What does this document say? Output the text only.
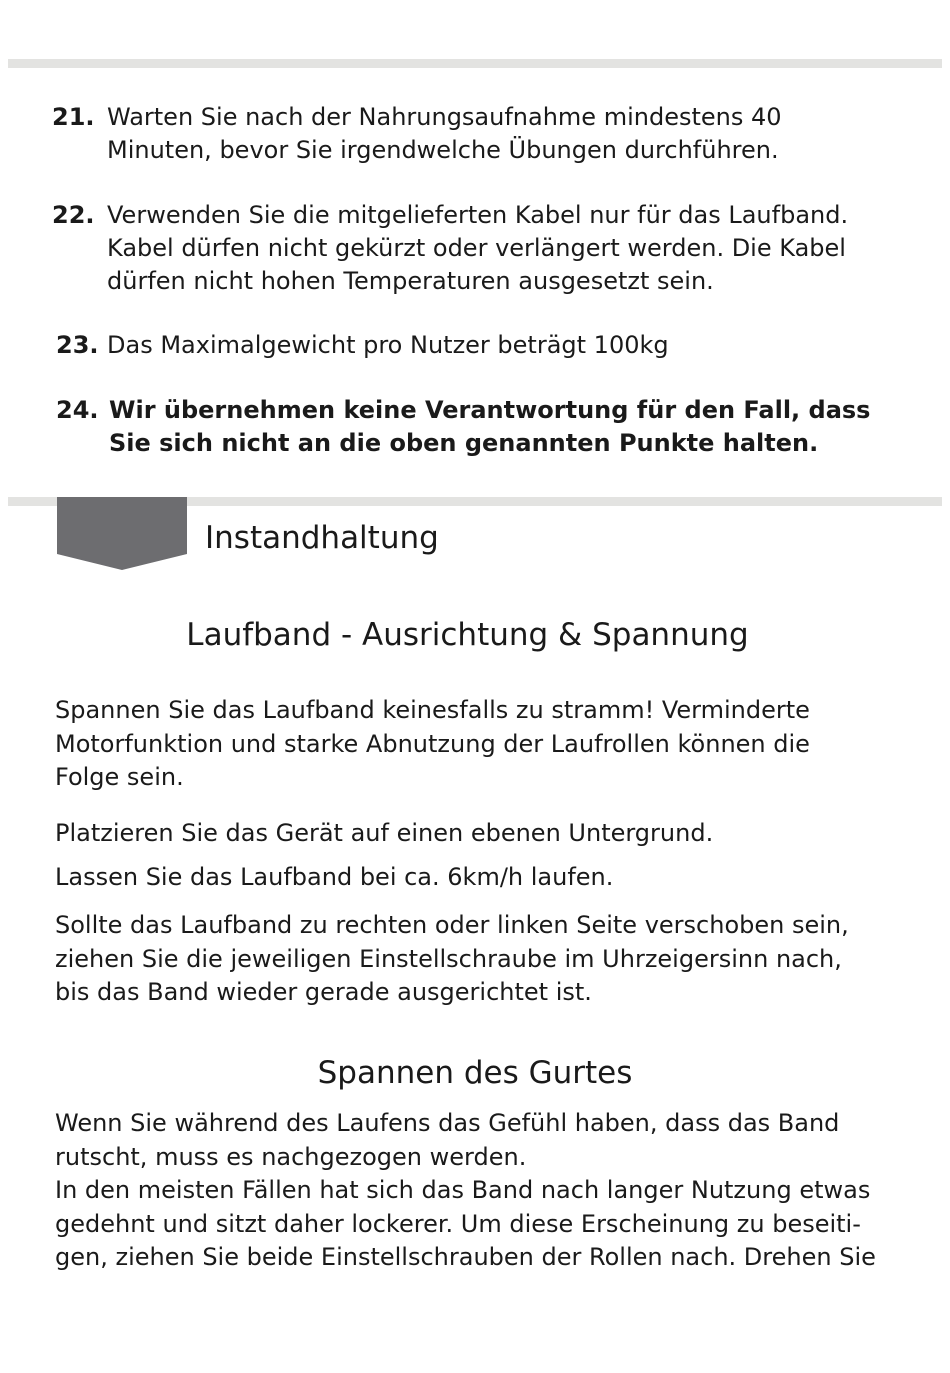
21. Warten Sie nach der Nahrungsaufnahme mindestens 40
Minuten, bevor Sie irgendwelche Übungen durchführen.
22. Verwenden Sie die mitgelieferten Kabel nur für das Laufband.
Kabel dürfen nicht gekürzt oder verlängert werden. Die Kabel
dürfen nicht hohen Temperaturen ausgesetzt sein.
23. Das Maximalgewicht pro Nutzer beträgt 100kg
24. Wir übernehmen keine Verantwortung für den Fall, dass
Sie sich nicht an die oben genannten Punkte halten.
Instandhaltung
Laufband - Ausrichtung & Spannung
Spannen Sie das Laufband keinesfalls zu stramm! Verminderte
Motorfunktion und starke Abnutzung der Laufrollen können die
Folge sein.
Platzieren Sie das Gerät auf einen ebenen Untergrund.
Lassen Sie das Laufband bei ca. 6km/h laufen.
Sollte das Laufband zu rechten oder linken Seite verschoben sein,
ziehen Sie die jeweiligen Einstellschraube im Uhrzeigersinn nach,
bis das Band wieder gerade ausgerichtet ist.
Spannen des Gurtes
Wenn Sie während des Laufens das Gefühl haben, dass das Band
rutscht, muss es nachgezogen werden.
In den meisten Fällen hat sich das Band nach langer Nutzung etwas
gedehnt und sitzt daher lockerer. Um diese Erscheinung zu beseiti-
gen, ziehen Sie beide Einstellschrauben der Rollen nach. Drehen Sie
